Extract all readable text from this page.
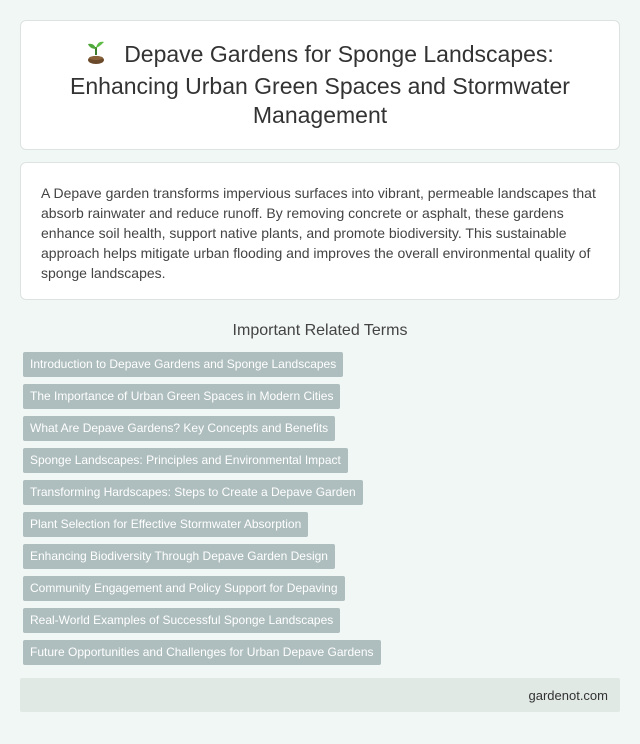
Depave Gardens for Sponge Landscapes: Enhancing Urban Green Spaces and Stormwater Management

A Depave garden transforms impervious surfaces into vibrant, permeable landscapes that absorb rainwater and reduce runoff. By removing concrete or asphalt, these gardens enhance soil health, support native plants, and promote biodiversity. This sustainable approach helps mitigate urban flooding and improves the overall environmental quality of sponge landscapes.

Important Related Terms
Introduction to Depave Gardens and Sponge Landscapes
The Importance of Urban Green Spaces in Modern Cities
What Are Depave Gardens? Key Concepts and Benefits
Sponge Landscapes: Principles and Environmental Impact
Transforming Hardscapes: Steps to Create a Depave Garden
Plant Selection for Effective Stormwater Absorption
Enhancing Biodiversity Through Depave Garden Design
Community Engagement and Policy Support for Depaving
Real-World Examples of Successful Sponge Landscapes
Future Opportunities and Challenges for Urban Depave Gardens
gardenot.com
